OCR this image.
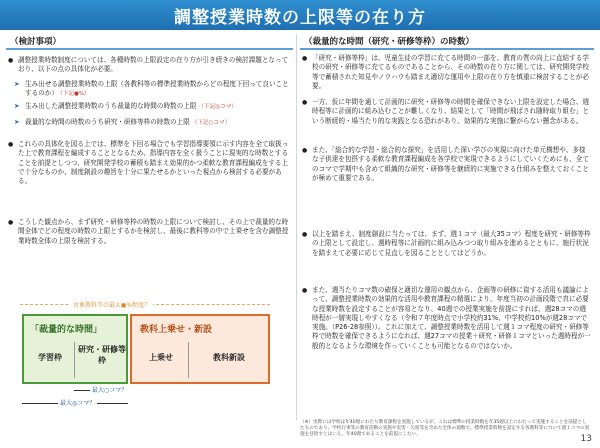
調整授業時数の上限等の在り方
（検討事項）
● 調整授業時数制度については、各種時数の上限設定の在り方が引き続きの検討課題となっており、以下の点の具体化が必要。
➤ 生み出せる調整授業時数の上限（各教科等の標準授業時数からどの程度下回って良いことするのか） （下記●%）
➤ 生み出した調整授業時数のうち裁量的な時間の時数の上限 （下記◎コマ）
➤ 裁量的な時間の時数のうち研究・研修等枠の時数の上限 （下記○コマ）
● これらの具体化を図る上では、標準を下回る場合でも学習指導要領に示す内容を全て取扱った上で教育課程を編成することとなるため、指導内容を全く扱うことに現実的な時数とすることを前提としつつ、研究開発学校の蓄積も踏まえ効果的かつ柔軟な教育課程編成をする上で十分なものか、制度創設の趣旨を十分に果たせるかといった視点から検討する必要がある。
● こうした観点から、まず研究・研修等枠の時数の上限について検討し、その上で裁量的な時間全体でどの程度の時数の上限とするかを検討し、最後に教科等の中で上乗せを含む調整授業時数全体の上限を検討する。
対象教科等の最大●%程度？
「裁量的な時間」
学習枠
研究・研修等枠
教科上乗せ・新設
上乗せ	教科新設
最大○コマ？
最大◎コマ？
（裁量的な時間（研究・研修等枠）の時数）
● 「研究・研修等枠」は、児童生徒の学習に充てる時間の一部を、教育の質の向上に直結する学校の研究・研修等に充てるものであることから、その時数の在り方に関しては、研究開発学校等で蓄積された知見やノウハウも踏まえ適切な運用や上限の在り方を慎重に検討することが必要。
● 一方、仮に年間を通して計画的に研究・研修等の時間を確保できない上限を設定した場合、週時程等に計画的に組み込むことが難しくなり、結果として「時間が飛ばされ随時取り組む」という断続的・場当たり的な実践となる恐れがあり、効果的な実施に繋がらない懸念がある。
● また、「総合的な学習・総合的な探究」を活用した深い学びの実現に向けた単元構想や、多様な子供達を包摂する柔軟な教育課程編成を各学校で実現できるようにしていくためにも、全てのコマで学期中も含めて組織的な研究・研修等を継続的に実施できる仕組みを整えておくことが極めて重要である。
● 以上を踏まえ、制度創設に当たっては、まず、週１コマ（最大35コマ）程度を研究・研修等枠の上限として設定し、週時程等に計画的に組み込みつつ取り組みを進めるとともに、施行状況を踏まえて必要に応じて見直しを図ることとしてはどうか。
● また、週当たりコマ数の確保と適切な運用の観点から、企画等の研修に資する活用も議論によって、調整授業時数の効果的な活用や教育課程の精選により、年度当初の計画段階で真に必要な授業時数を設定することが容易となり、40週での授業実施を前提にすれば、週28コマの週時程が一層実現しやすくなる（令和７年度時点で小学校約31%、中学校約10%が週28コマで実施。（P26-28参照））。これに加えて、調整授業時数を活用して週１コマ程度の研究・研修等枠で時数を確保できるようになれば、週27コマの授業＋研究・研修１コマといった週時程が一般的となるような環境を作っていくことも可能となるのではないか。
（※）実際には学校は年40週にわたり教育課程を実施しているが、これは標準の授業時数を年35週以上にわたって実施することを前提としたものであり、学校行事等の教育活動の実施や災害・欠席等を含めた全体の週数で、標準授業時数を設定する各教科等について週１コマの実施を目指すとはいえ、年40週であることを前提にしたい。	13
